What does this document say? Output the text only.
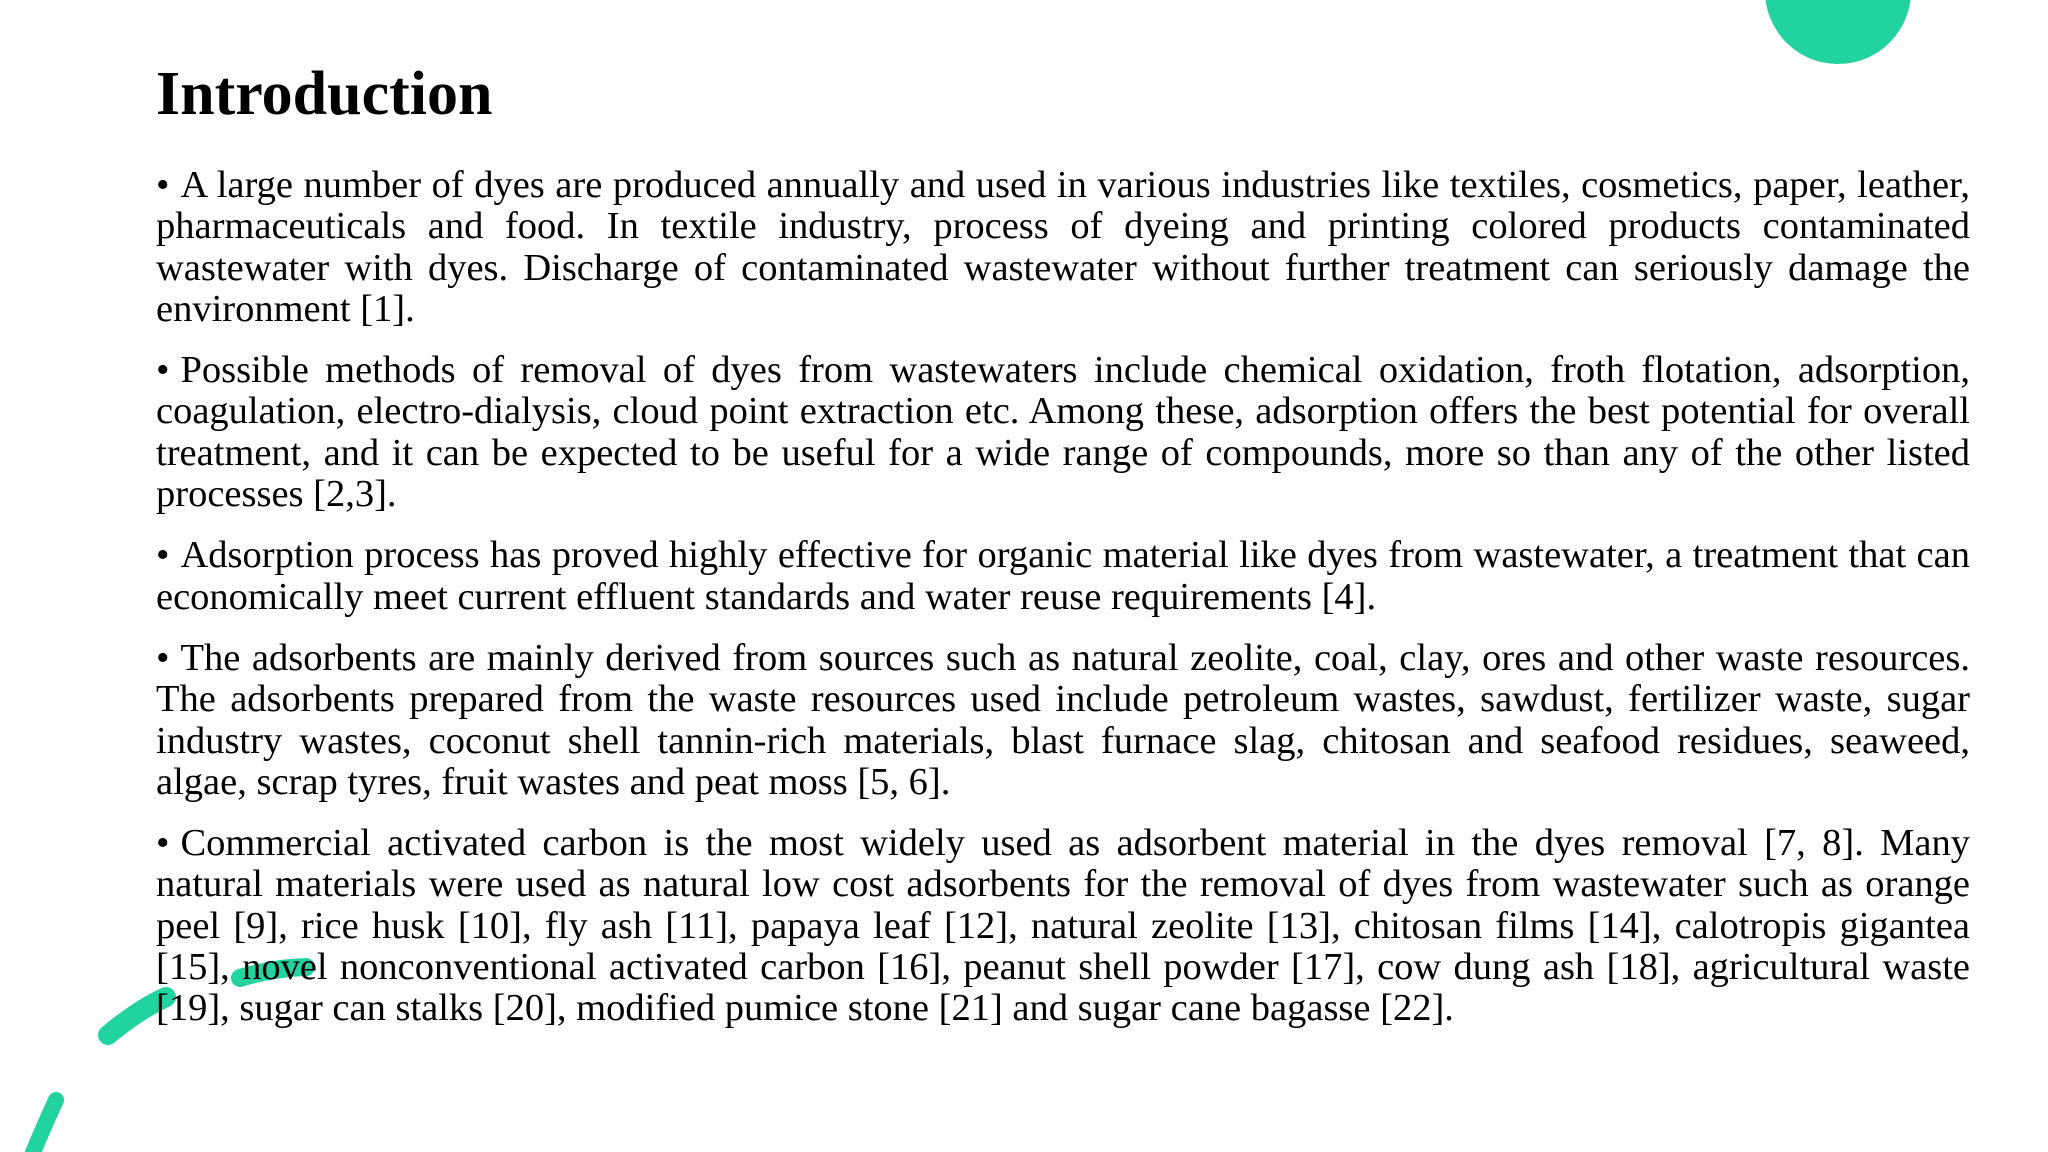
Introduction

• A large number of dyes are produced annually and used in various industries like textiles, cosmetics, paper, leather, pharmaceuticals and food. In textile industry, process of dyeing and printing colored products contaminated wastewater with dyes. Discharge of contaminated wastewater without further treatment can seriously damage the environment [1].

• Possible methods of removal of dyes from wastewaters include chemical oxidation, froth flotation, adsorption, coagulation, electro-dialysis, cloud point extraction etc. Among these, adsorption offers the best potential for overall treatment, and it can be expected to be useful for a wide range of compounds, more so than any of the other listed processes [2,3].

• Adsorption process has proved highly effective for organic material like dyes from wastewater, a treatment that can economically meet current effluent standards and water reuse requirements [4].

• The adsorbents are mainly derived from sources such as natural zeolite, coal, clay, ores and other waste resources. The adsorbents prepared from the waste resources used include petroleum wastes, sawdust, fertilizer waste, sugar industry wastes, coconut shell tannin-rich materials, blast furnace slag, chitosan and seafood residues, seaweed, algae, scrap tyres, fruit wastes and peat moss [5, 6].

• Commercial activated carbon is the most widely used as adsorbent material in the dyes removal [7, 8]. Many natural materials were used as natural low cost adsorbents for the removal of dyes from wastewater such as orange peel [9], rice husk [10], fly ash [11], papaya leaf [12], natural zeolite [13], chitosan films [14], calotropis gigantea [15], novel nonconventional activated carbon [16], peanut shell powder [17], cow dung ash [18], agricultural waste [19], sugar can stalks [20], modified pumice stone [21] and sugar cane bagasse [22].
